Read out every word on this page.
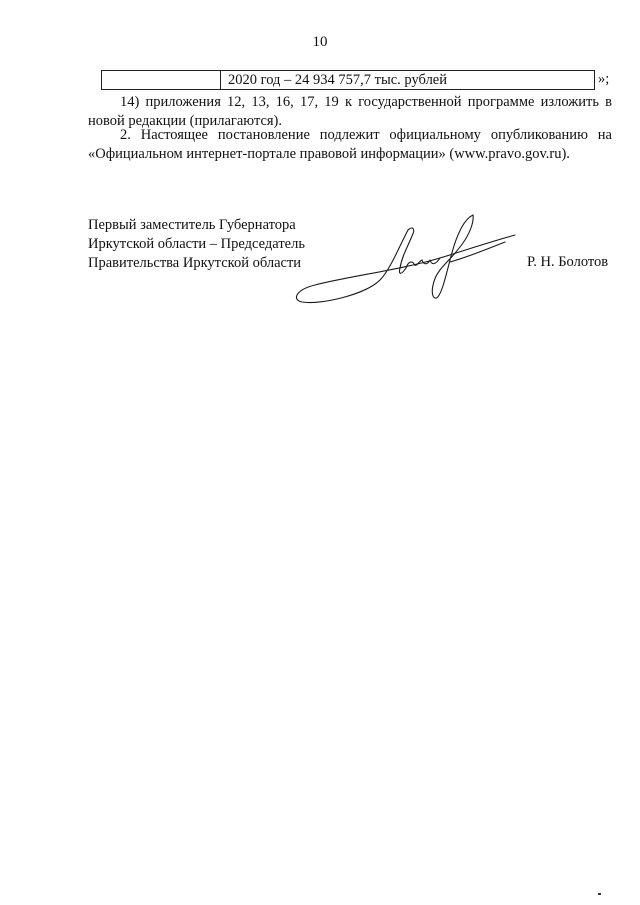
10
2020 год – 24 934 757,7 тыс. рублей	»;
14) приложения 12, 13, 16, 17, 19 к государственной программе изложить в новой редакции (прилагаются).
2. Настоящее постановление подлежит официальному опубликованию на «Официальном интернет-портале правовой информации» (www.pravo.gov.ru).
Первый заместитель Губернатора
Иркутской области – Председатель
Правительства Иркутской области	Р. Н. Болотов
